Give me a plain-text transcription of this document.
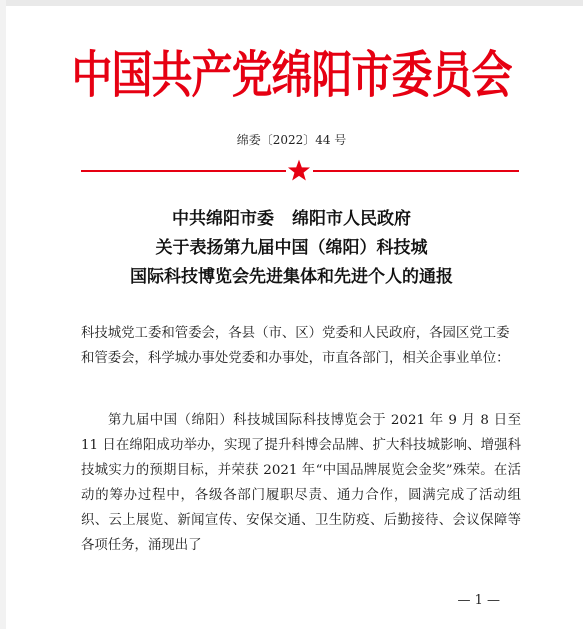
中国共产党绵阳市委员会
绵委〔2022〕44 号
中共绵阳市委 绵阳市人民政府
关于表扬第九届中国（绵阳）科技城
国际科技博览会先进集体和先进个人的通报
科技城党工委和管委会，各县（市、区）党委和人民政府，各园区党工委和管委会，科学城办事处党委和办事处，市直各部门，相关企事业单位：
第九届中国（绵阳）科技城国际科技博览会于 2021 年 9 月 8 日至 11 日在绵阳成功举办，实现了提升科博会品牌、扩大科技城影响、增强科技城实力的预期目标，并荣获 2021 年“中国品牌展览会金奖”殊荣。在活动的筹办过程中，各级各部门履职尽责、通力合作，圆满完成了活动组织、云上展览、新闻宣传、安保交通、卫生防疫、后勤接待、会议保障等各项任务，涌现出了
— 1 —
